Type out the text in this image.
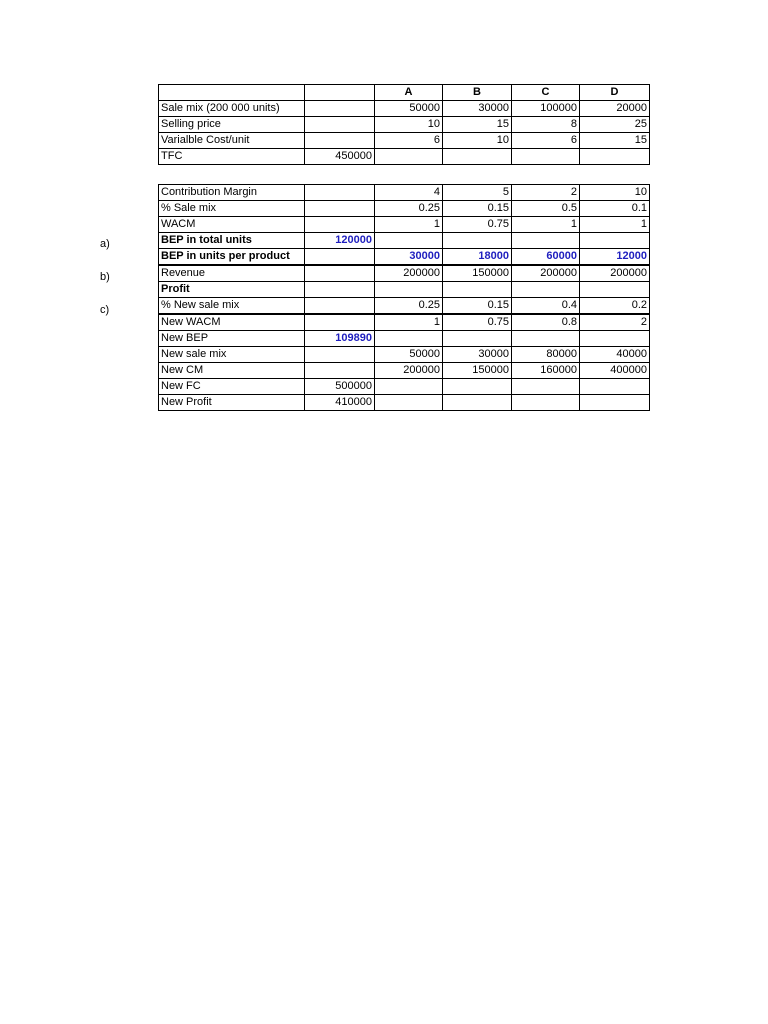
a)
b)
c)
		A	B	C	D
Sale mix (200 000 units)		50000	30000	100000	20000
Selling price		10	15	8	25
Varialble Cost/unit		6	10	6	15
TFC	450000				
Contribution Margin		4	5	2	10
% Sale mix		0.25	0.15	0.5	0.1
WACM		1	0.75	1	1
BEP in total units	120000				
BEP in units per product		30000	18000	60000	12000
Revenue		200000	150000	200000	200000
Profit					
% New sale mix		0.25	0.15	0.4	0.2
New WACM		1	0.75	0.8	2
New BEP	109890				
New sale mix		50000	30000	80000	40000
New CM		200000	150000	160000	400000
New FC	500000				
New Profit	410000				
